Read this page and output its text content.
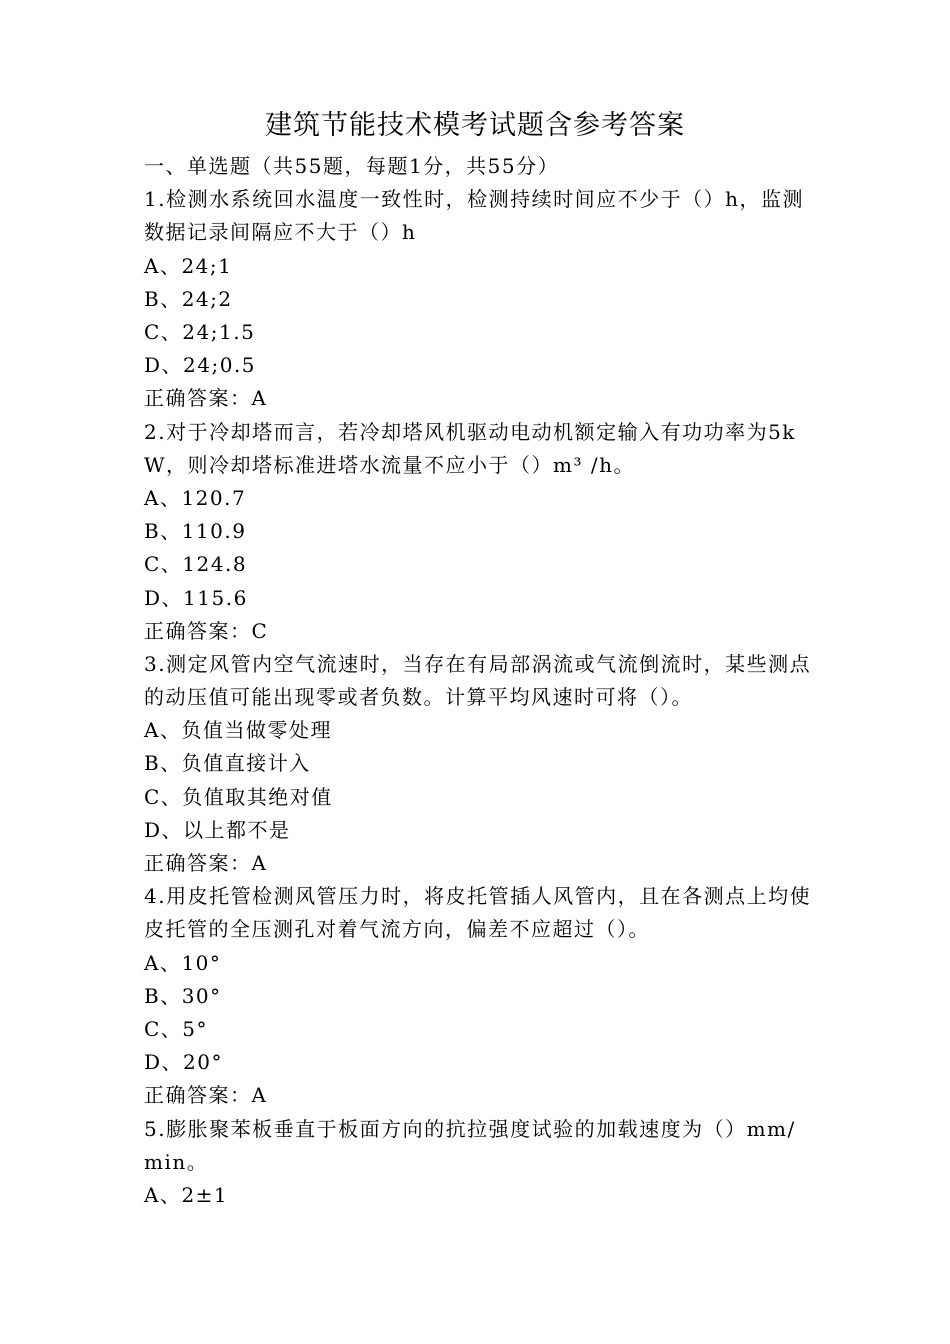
建筑节能技术模考试题含参考答案
一、单选题（共55题，每题1分，共55分）
1.检测水系统回水温度一致性时，检测持续时间应不少于（）h，监测数据记录间隔应不大于（）h
A、24;1
B、24;2
C、24;1.5
D、24;0.5
正确答案：A
2.对于冷却塔而言，若冷却塔风机驱动电动机额定输入有功功率为5kW，则冷却塔标准进塔水流量不应小于（）m³ /h。
A、120.7
B、110.9
C、124.8
D、115.6
正确答案：C
3.测定风管内空气流速时，当存在有局部涡流或气流倒流时，某些测点的动压值可能出现零或者负数。计算平均风速时可将（）。
A、负值当做零处理
B、负值直接计入
C、负值取其绝对值
D、以上都不是
正确答案：A
4.用皮托管检测风管压力时，将皮托管插人风管内，且在各测点上均使皮托管的全压测孔对着气流方向，偏差不应超过（）。
A、10°
B、30°
C、5°
D、20°
正确答案：A
5.膨胀聚苯板垂直于板面方向的抗拉强度试验的加载速度为（）mm/min。
A、2±1
